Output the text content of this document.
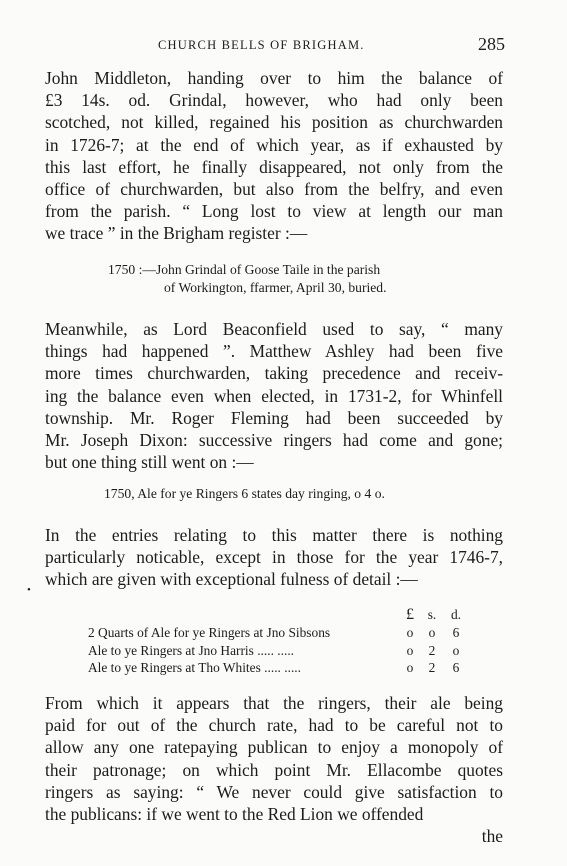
CHURCH BELLS OF BRIGHAM.	285
John Middleton, handing over to him the balance of
£3 14s. od. Grindal, however, who had only been
scotched, not killed, regained his position as churchwarden
in 1726-7; at the end of which year, as if exhausted by
this last effort, he finally disappeared, not only from the
office of churchwarden, but also from the belfry, and even
from the parish. “ Long lost to view at length our man
we trace ” in the Brigham register :—
1750 :—John Grindal of Goose Taile in the parish
of Workington, ffarmer, April 30, buried.
Meanwhile, as Lord Beaconfield used to say, “ many
things had happened ”. Matthew Ashley had been five
more times churchwarden, taking precedence and receiv-
ing the balance even when elected, in 1731-2, for Whinfell
township. Mr. Roger Fleming had been succeeded by
Mr. Joseph Dixon: successive ringers had come and gone;
but one thing still went on :—
•
1750, Ale for ye Ringers 6 states day ringing, o 4 o.
In the entries relating to this matter there is nothing
particularly noticable, except in those for the year 1746-7,
which are given with exceptional fulness of detail :—
£	s.	d.
2 Quarts of Ale for ye Ringers at Jno Sibsons	o	o	6
Ale to ye Ringers at Jno Harris ..... .....	o	2	o
Ale to ye Ringers at Tho Whites ..... .....	o	2	6
From which it appears that the ringers, their ale being
paid for out of the church rate, had to be careful not to
allow any one ratepaying publican to enjoy a monopoly of
their patronage; on which point Mr. Ellacombe quotes
ringers as saying: “ We never could give satisfaction to
the publicans: if we went to the Red Lion we offended
the
